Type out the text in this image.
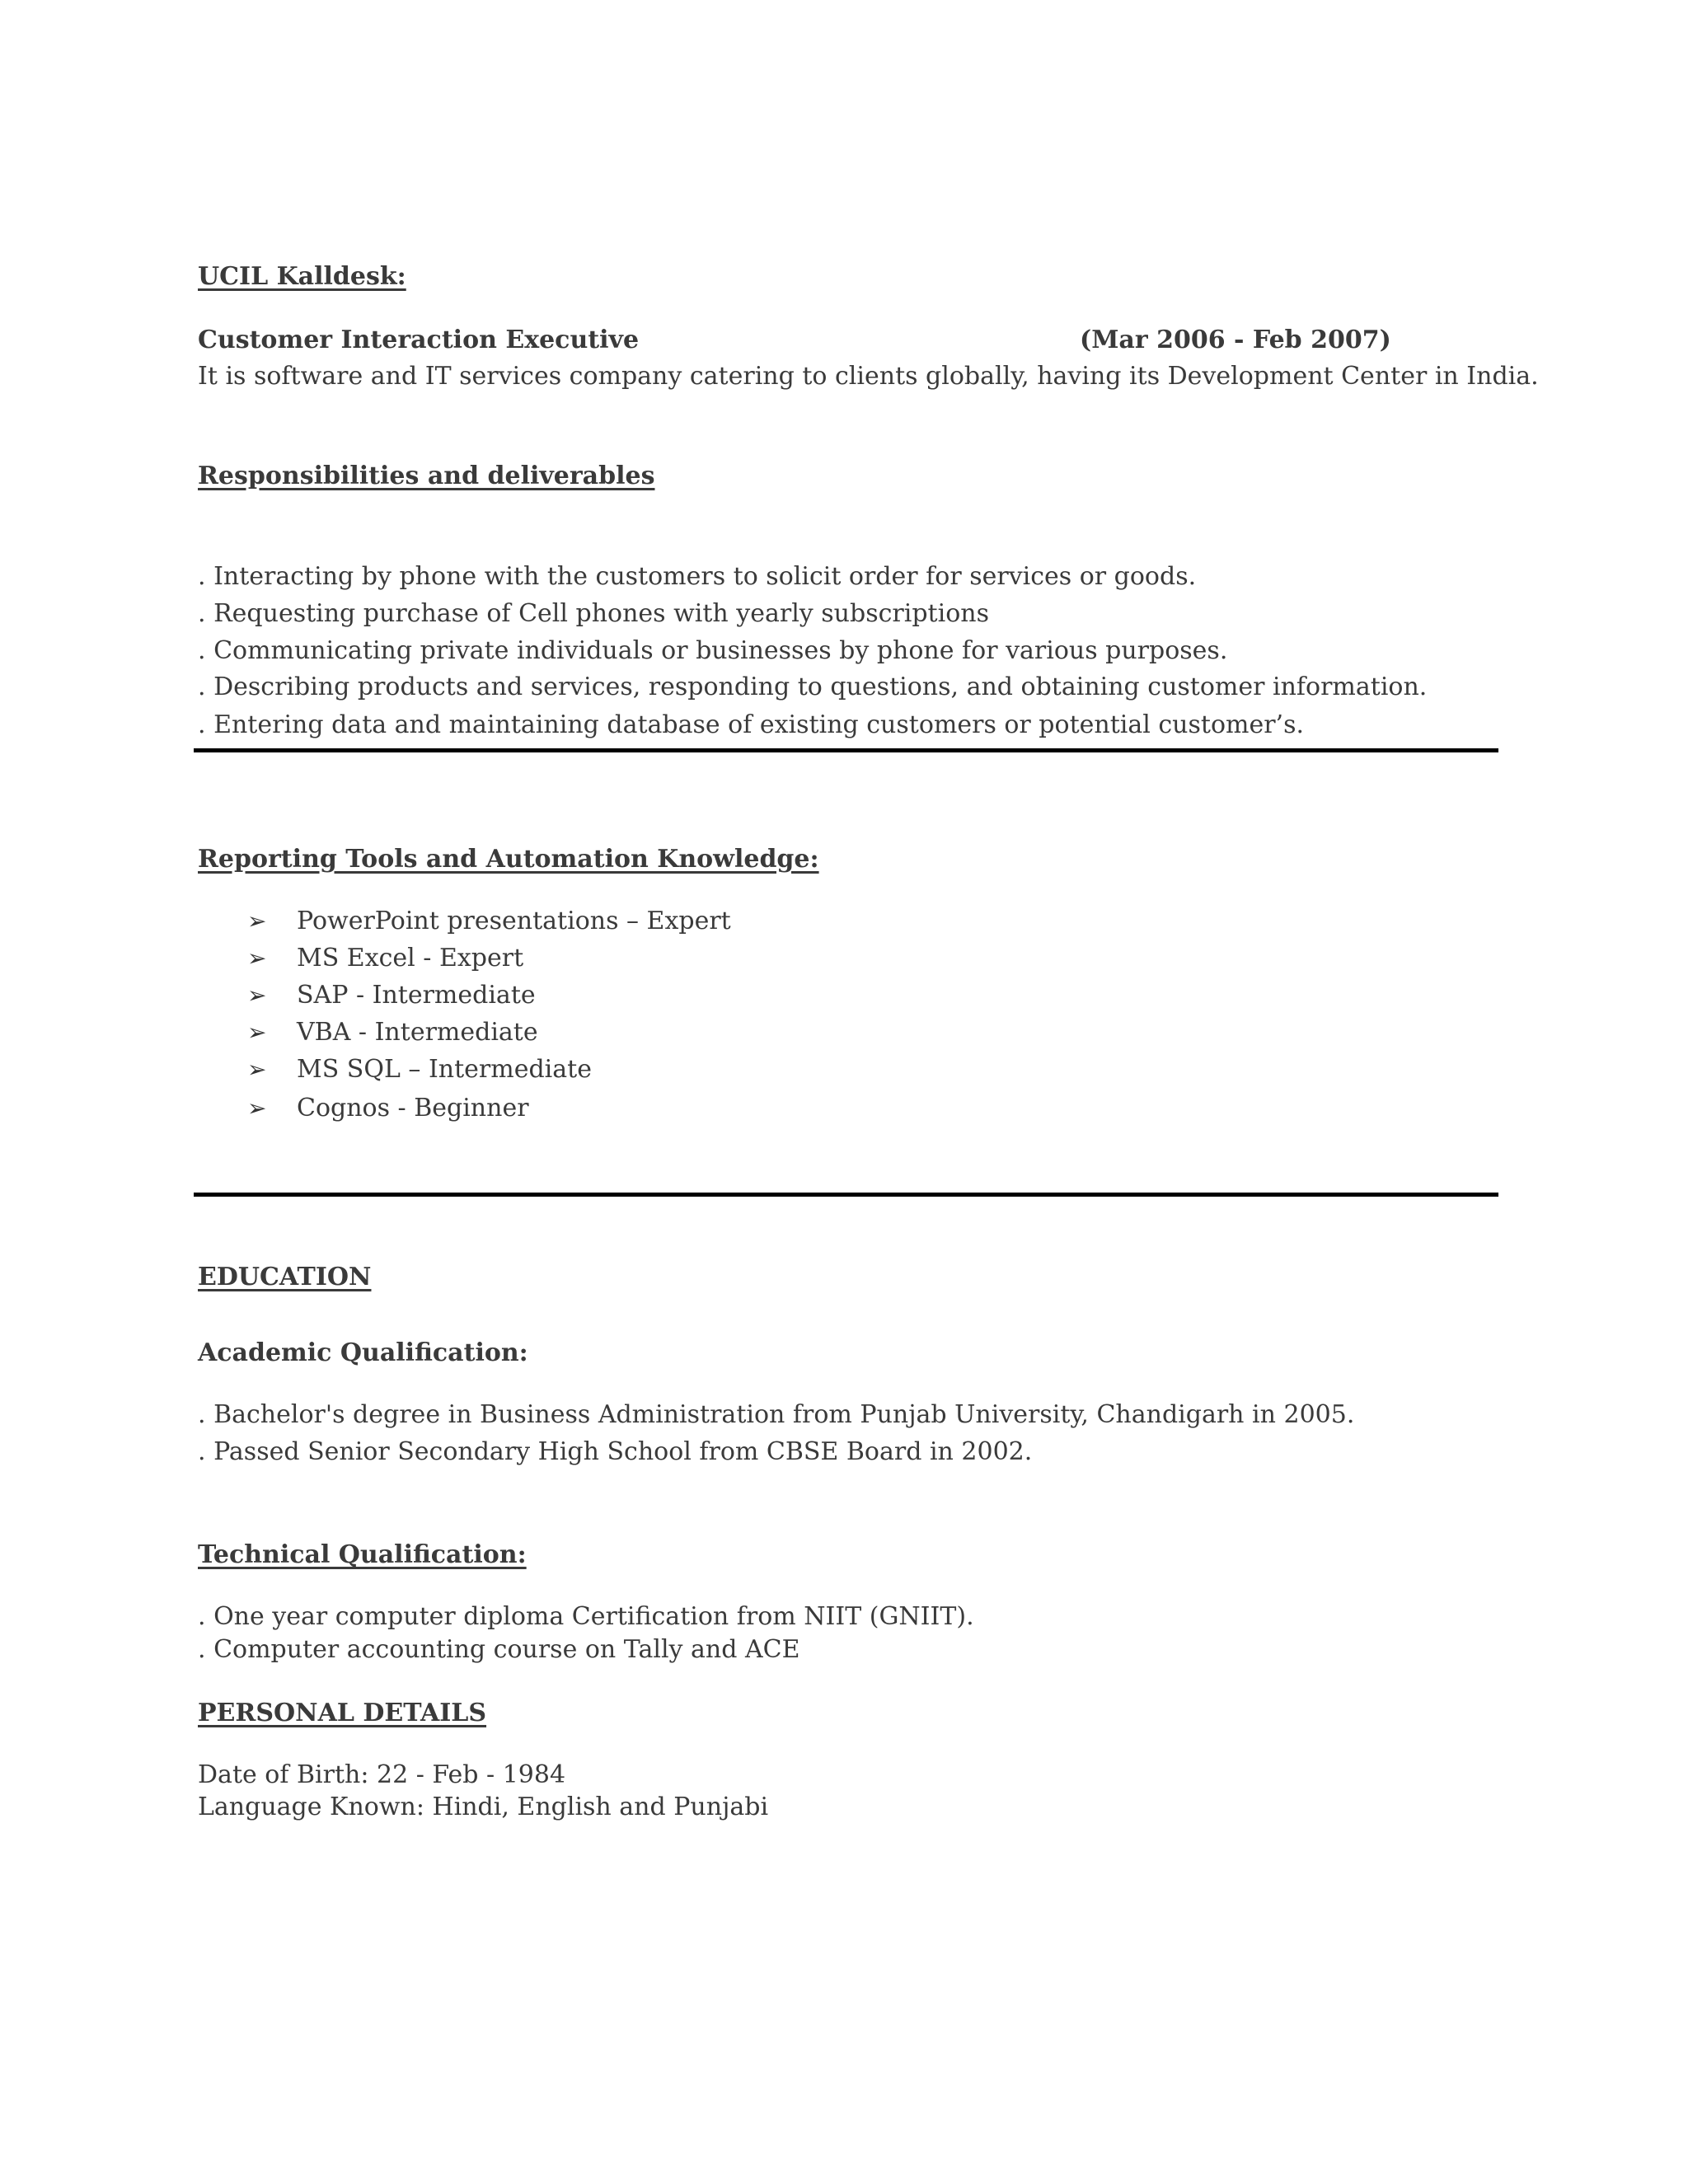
UCIL Kalldesk:
Customer Interaction Executive	(Mar 2006 - Feb 2007)
It is software and IT services company catering to clients globally, having its Development Center in India.
Responsibilities and deliverables
. Interacting by phone with the customers to solicit order for services or goods.
. Requesting purchase of Cell phones with yearly subscriptions
. Communicating private individuals or businesses by phone for various purposes.
. Describing products and services, responding to questions, and obtaining customer information.
. Entering data and maintaining database of existing customers or potential customer’s.
Reporting Tools and Automation Knowledge:
➢ PowerPoint presentations – Expert
➢ MS Excel - Expert
➢ SAP - Intermediate
➢ VBA - Intermediate
➢ MS SQL – Intermediate
➢ Cognos - Beginner
EDUCATION
Academic Qualification:
. Bachelor's degree in Business Administration from Punjab University, Chandigarh in 2005.
. Passed Senior Secondary High School from CBSE Board in 2002.
Technical Qualification:
. One year computer diploma Certification from NIIT (GNIIT).
. Computer accounting course on Tally and ACE
PERSONAL DETAILS
Date of Birth: 22 - Feb - 1984
Language Known: Hindi, English and Punjabi
